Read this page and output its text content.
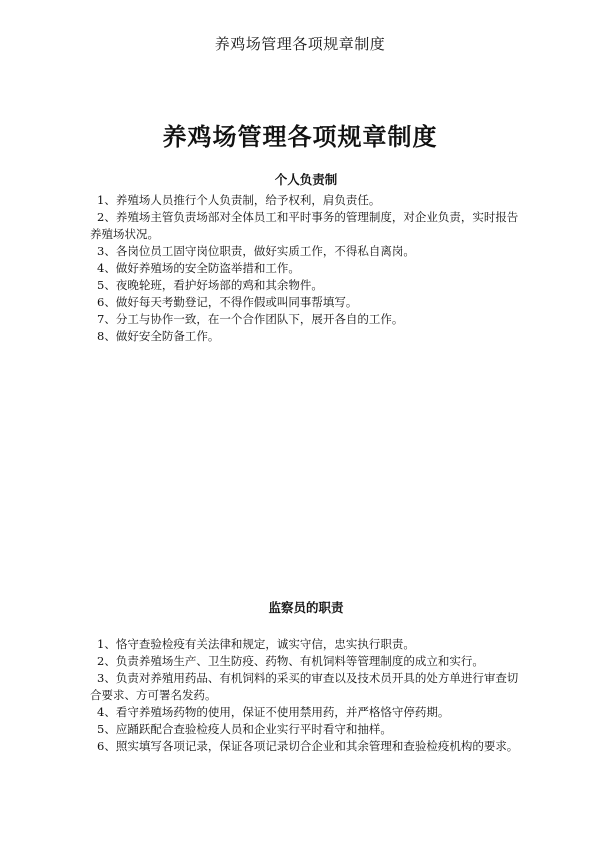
养鸡场管理各项规章制度
养鸡场管理各项规章制度

个人负责制

1、养殖场人员推行个人负责制，给予权利，肩负责任。
2、养殖场主管负责场部对全体员工和平时事务的管理制度，对企业负责，实时报告养殖场状况。
3、各岗位员工固守岗位职责，做好实质工作，不得私自离岗。
4、做好养殖场的安全防盗举措和工作。
5、夜晚轮班，看护好场部的鸡和其余物件。
6、做好每天考勤登记，不得作假或叫同事帮填写。
7、分工与协作一致，在一个合作团队下，展开各自的工作。
8、做好安全防备工作。

监察员的职责

1、恪守查验检疫有关法律和规定，诚实守信，忠实执行职责。
2、负责养殖场生产、卫生防疫、药物、有机饲料等管理制度的成立和实行。
3、负责对养殖用药品、有机饲料的采买的审查以及技术员开具的处方单进行审查切合要求、方可署名发药。
4、看守养殖场药物的使用，保证不使用禁用药，并严格恪守停药期。
5、应踊跃配合查验检疫人员和企业实行平时看守和抽样。
6、照实填写各项记录，保证各项记录切合企业和其余管理和查验检疫机构的要求。
